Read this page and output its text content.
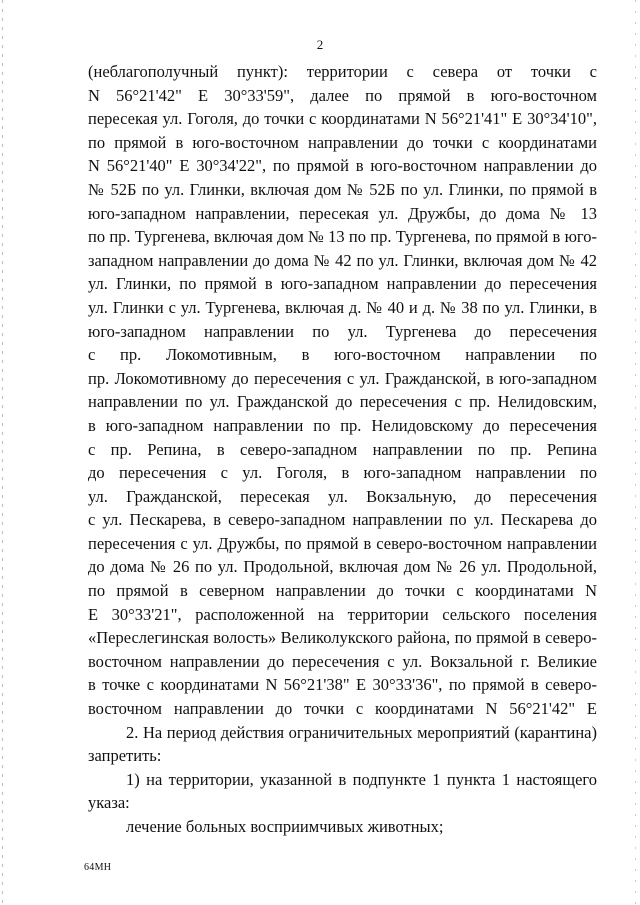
2
(неблагополучный пункт): территории с севера от точки с
N 56°21'42" E 30°33'59", далее по прямой в юго-восточном
пересекая ул. Гоголя, до точки с координатами N 56°21'41" E 30°34'10",
по прямой в юго-восточном направлении до точки с координатами
N 56°21'40" E 30°34'22", по прямой в юго-восточном направлении до
№ 52Б по ул. Глинки, включая дом № 52Б по ул. Глинки, по прямой в
юго-западном направлении, пересекая ул. Дружбы, до дома № 13
по пр. Тургенева, включая дом № 13 по пр. Тургенева, по прямой в юго-
западном направлении до дома № 42 по ул. Глинки, включая дом № 42
ул. Глинки, по прямой в юго-западном направлении до пересечения
ул. Глинки с ул. Тургенева, включая д. № 40 и д. № 38 по ул. Глинки, в
юго-западном направлении по ул. Тургенева до пересечения
с пр. Локомотивным, в юго-восточном направлении по
пр. Локомотивному до пересечения с ул. Гражданской, в юго-западном
направлении по ул. Гражданской до пересечения с пр. Нелидовским,
в юго-западном направлении по пр. Нелидовскому до пересечения
с пр. Репина, в северо-западном направлении по пр. Репина
до пересечения с ул. Гоголя, в юго-западном направлении по
ул. Гражданской, пересекая ул. Вокзальную, до пересечения
с ул. Пескарева, в северо-западном направлении по ул. Пескарева до
пересечения с ул. Дружбы, по прямой в северо-восточном направлении
до дома № 26 по ул. Продольной, включая дом № 26 ул. Продольной,
по прямой в северном направлении до точки с координатами N
E 30°33'21", расположенной на территории сельского поселения
«Переслегинская волость» Великолукского района, по прямой в северо-
восточном направлении до пересечения с ул. Вокзальной г. Великие
в точке с координатами N 56°21'38" E 30°33'36", по прямой в северо-
восточном направлении до точки с координатами N 56°21'42" E
2. На период действия ограничительных мероприятий (карантина)
запретить:
1) на территории, указанной в подпункте 1 пункта 1 настоящего
указа:
лечение больных восприимчивых животных;
64МН
